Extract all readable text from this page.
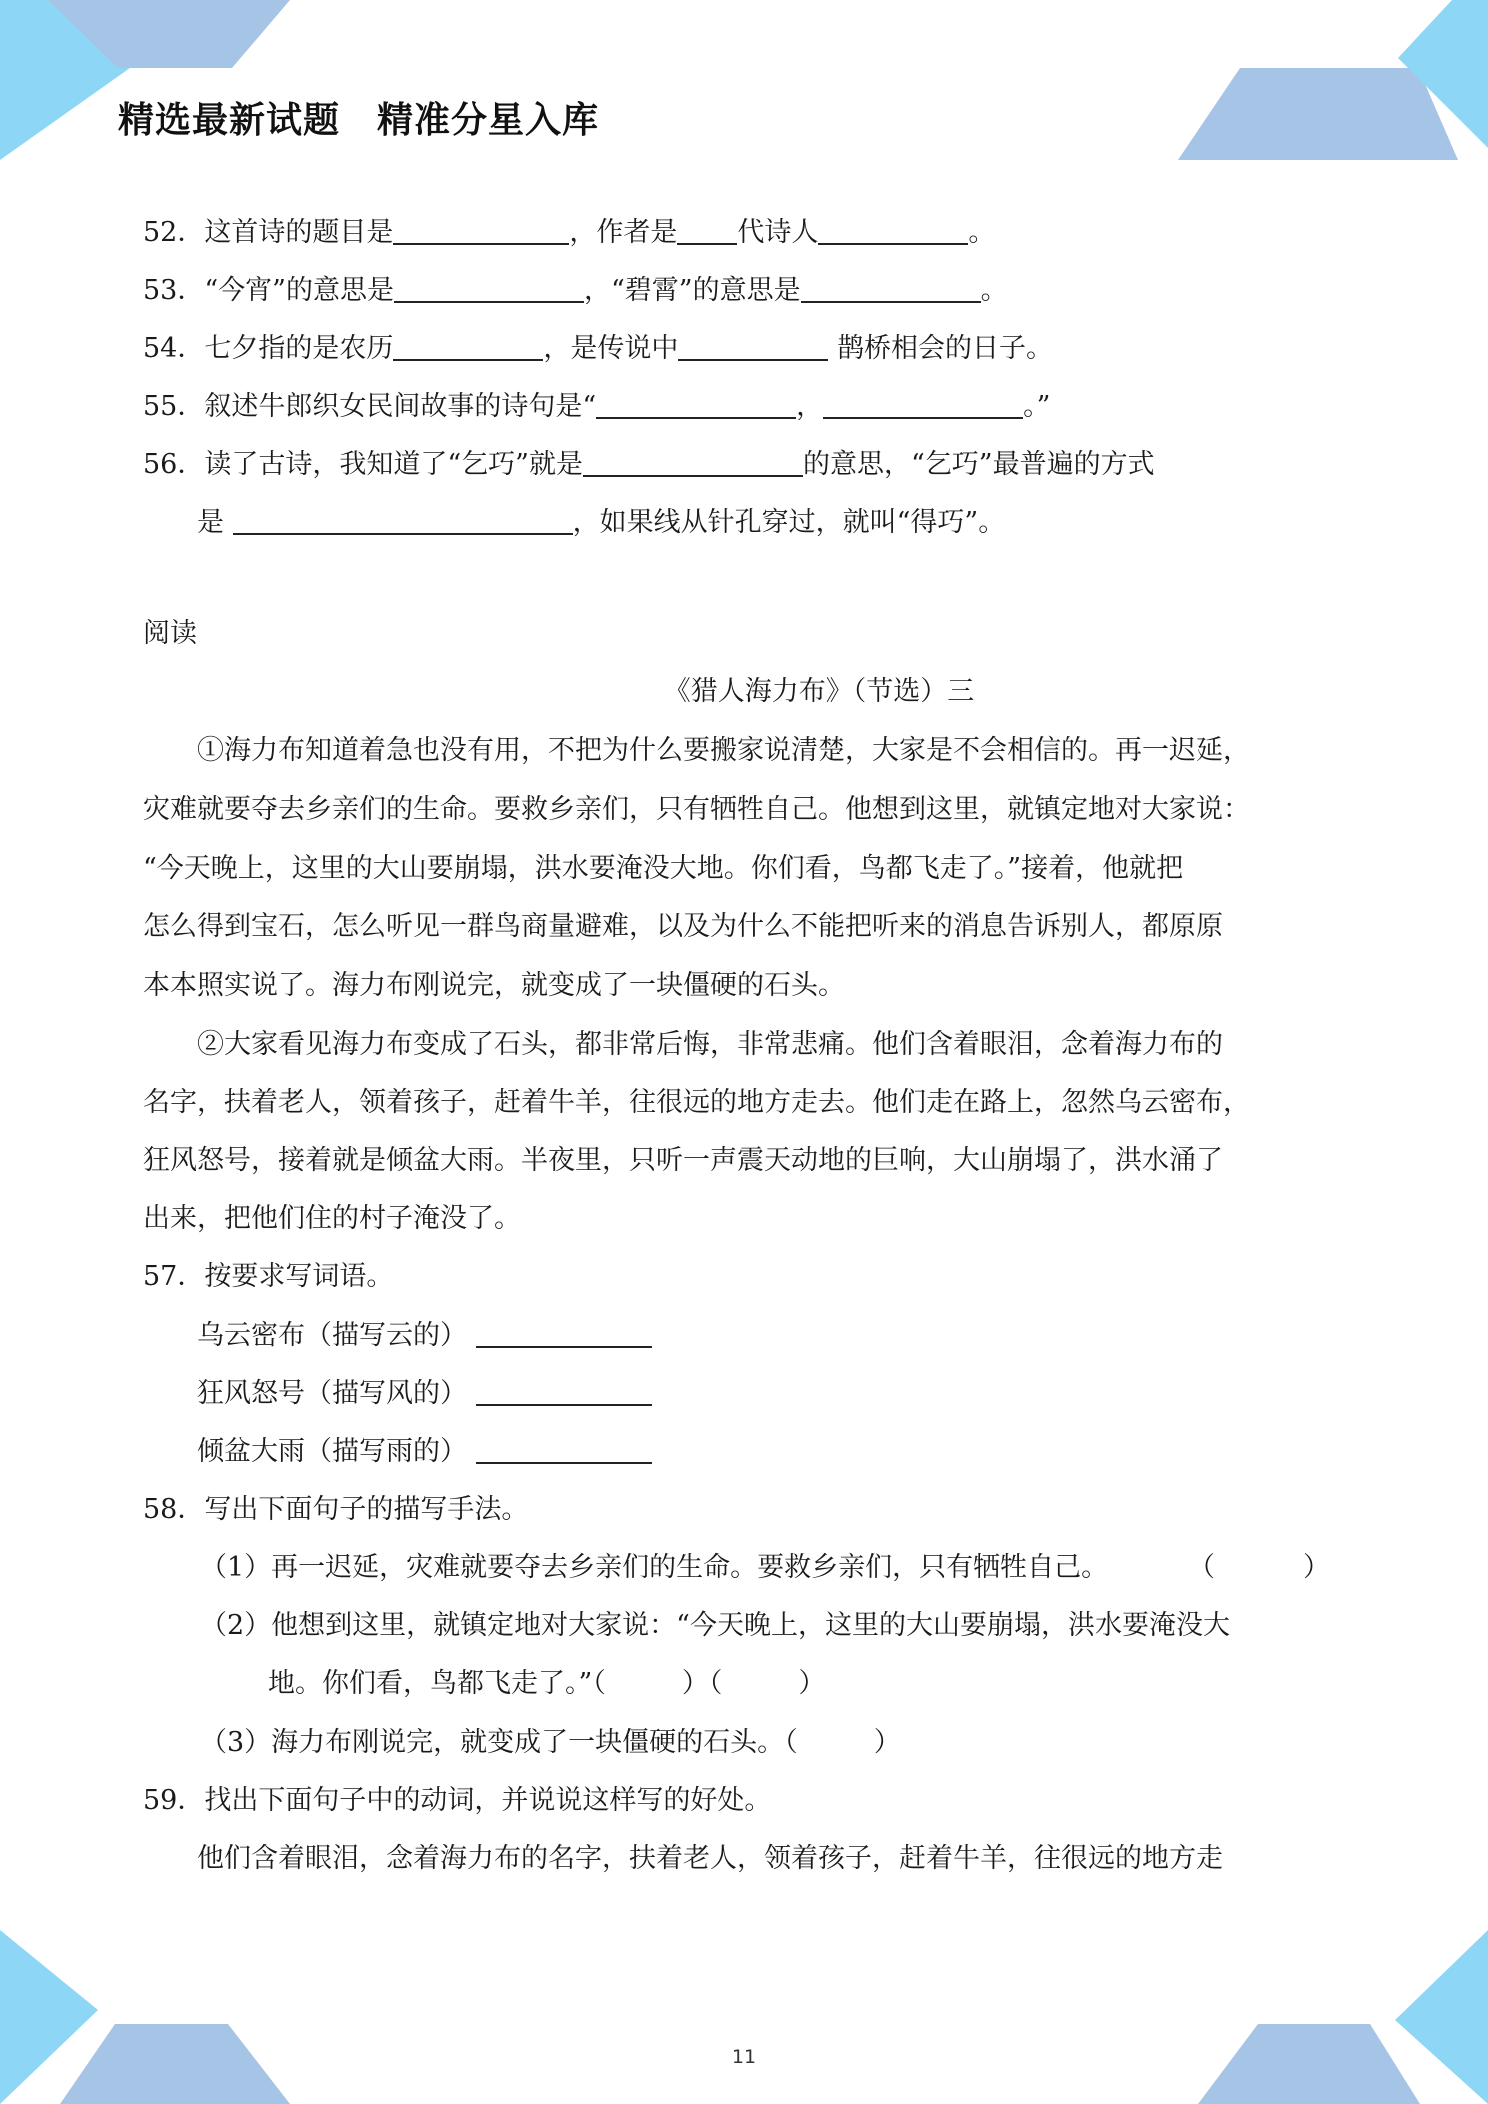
精选最新试题　精准分星入库
52．这首诗的题目是	，作者是 代诗人	。
53．“今宵”的意思是	，“碧霄”的意思是	。
54．七夕指的是农历	，是传说中	鹊桥相会的日子。
55．叙述牛郎织女民间故事的诗句是“	，	。”
56．读了古诗，我知道了“乞巧”就是	的意思，“乞巧”最普遍的方式
是	，如果线从针孔穿过，就叫“得巧”。
阅读
《猎人海力布》（节选）三
①海力布知道着急也没有用，不把为什么要搬家说清楚，大家是不会相信的。再一迟延，
灾难就要夺去乡亲们的生命。要救乡亲们，只有牺牲自己。他想到这里，就镇定地对大家说：
“今天晚上，这里的大山要崩塌，洪水要淹没大地。你们看，鸟都飞走了。”接着，他就把
怎么得到宝石，怎么听见一群鸟商量避难，以及为什么不能把听来的消息告诉别人，都原原
本本照实说了。海力布刚说完，就变成了一块僵硬的石头。
②大家看见海力布变成了石头，都非常后悔，非常悲痛。他们含着眼泪，念着海力布的
名字，扶着老人，领着孩子，赶着牛羊，往很远的地方走去。他们走在路上，忽然乌云密布，
狂风怒号，接着就是倾盆大雨。半夜里，只听一声震天动地的巨响，大山崩塌了，洪水涌了
出来，把他们住的村子淹没了。
57．按要求写词语。
乌云密布（描写云的）
狂风怒号（描写风的）
倾盆大雨（描写雨的）
58．写出下面句子的描写手法。
（1）再一迟延，灾难就要夺去乡亲们的生命。要救乡亲们，只有牺牲自己。	（	）
（2）他想到这里，就镇定地对大家说：“今天晚上，这里的大山要崩塌，洪水要淹没大
地。你们看，鸟都飞走了。”（	）（	）
（3）海力布刚说完，就变成了一块僵硬的石头。（	）
59．找出下面句子中的动词，并说说这样写的好处。
他们含着眼泪，念着海力布的名字，扶着老人，领着孩子，赶着牛羊，往很远的地方走
11
